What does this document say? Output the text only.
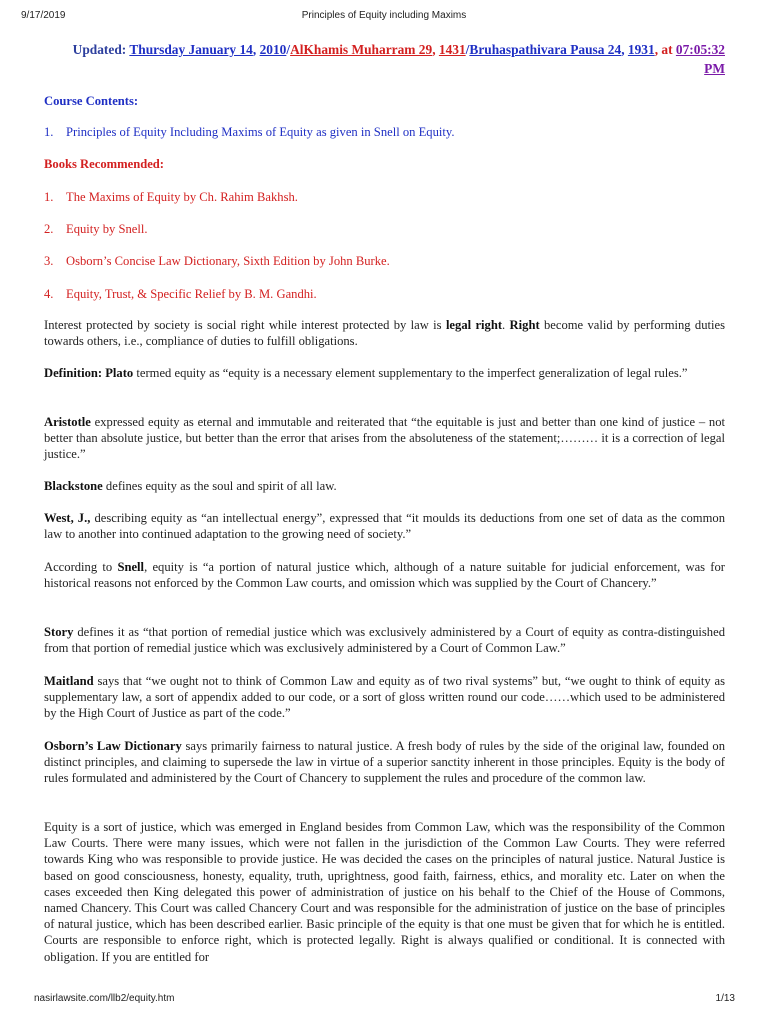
9/17/2019	Principles of Equity including Maxims

Updated: Thursday January 14, 2010/AlKhamis Muharram 29, 1431/Bruhaspathivara Pausa 24, 1931, at 07:05:32
PM

Course Contents:

1. Principles of Equity Including Maxims of Equity as given in Snell on Equity.

Books Recommended:

1. The Maxims of Equity by Ch. Rahim Bakhsh.

2. Equity by Snell.

3. Osborn’s Concise Law Dictionary, Sixth Edition by John Burke.

4. Equity, Trust, & Specific Relief by B. M. Gandhi.

Interest protected by society is social right while interest protected by law is legal right. Right become valid by performing duties towards others, i.e., compliance of duties to fulfill obligations.

Definition: Plato termed equity as “equity is a necessary element supplementary to the imperfect generalization of legal rules.”

Aristotle expressed equity as eternal and immutable and reiterated that “the equitable is just and better than one kind of justice – not better than absolute justice, but better than the error that arises from the absoluteness of the statement;……… it is a correction of legal justice.”

Blackstone defines equity as the soul and spirit of all law.

West, J., describing equity as “an intellectual energy”, expressed that “it moulds its deductions from one set of data as the common law to another into continued adaptation to the growing need of society.”

According to Snell, equity is “a portion of natural justice which, although of a nature suitable for judicial enforcement, was for historical reasons not enforced by the Common Law courts, and omission which was supplied by the Court of Chancery.”

Story defines it as “that portion of remedial justice which was exclusively administered by a Court of equity as contra-distinguished from that portion of remedial justice which was exclusively administered by a Court of Common Law.”

Maitland says that “we ought not to think of Common Law and equity as of two rival systems” but, “we ought to think of equity as supplementary law, a sort of appendix added to our code, or a sort of gloss written round our code……which used to be administered by the High Court of Justice as part of the code.”

Osborn’s Law Dictionary says primarily fairness to natural justice. A fresh body of rules by the side of the original law, founded on distinct principles, and claiming to supersede the law in virtue of a superior sanctity inherent in those principles. Equity is the body of rules formulated and administered by the Court of Chancery to supplement the rules and procedure of the common law.

Equity is a sort of justice, which was emerged in England besides from Common Law, which was the responsibility of the Common Law Courts. There were many issues, which were not fallen in the jurisdiction of the Common Law Courts. They were referred towards King who was responsible to provide justice. He was decided the cases on the principles of natural justice. Natural Justice is based on good consciousness, honesty, equality, truth, uprightness, good faith, fairness, ethics, and morality etc. Later on when the cases exceeded then King delegated this power of administration of justice on his behalf to the Chief of the House of Commons, named Chancery. This Court was called Chancery Court and was responsible for the administration of justice on the base of principles of natural justice, which has been described earlier. Basic principle of the equity is that one must be given that for which he is entitled. Courts are responsible to enforce right, which is protected legally. Right is always qualified or conditional. It is connected with obligation. If you are entitled for

nasirlawsite.com/llb2/equity.htm	1/13
